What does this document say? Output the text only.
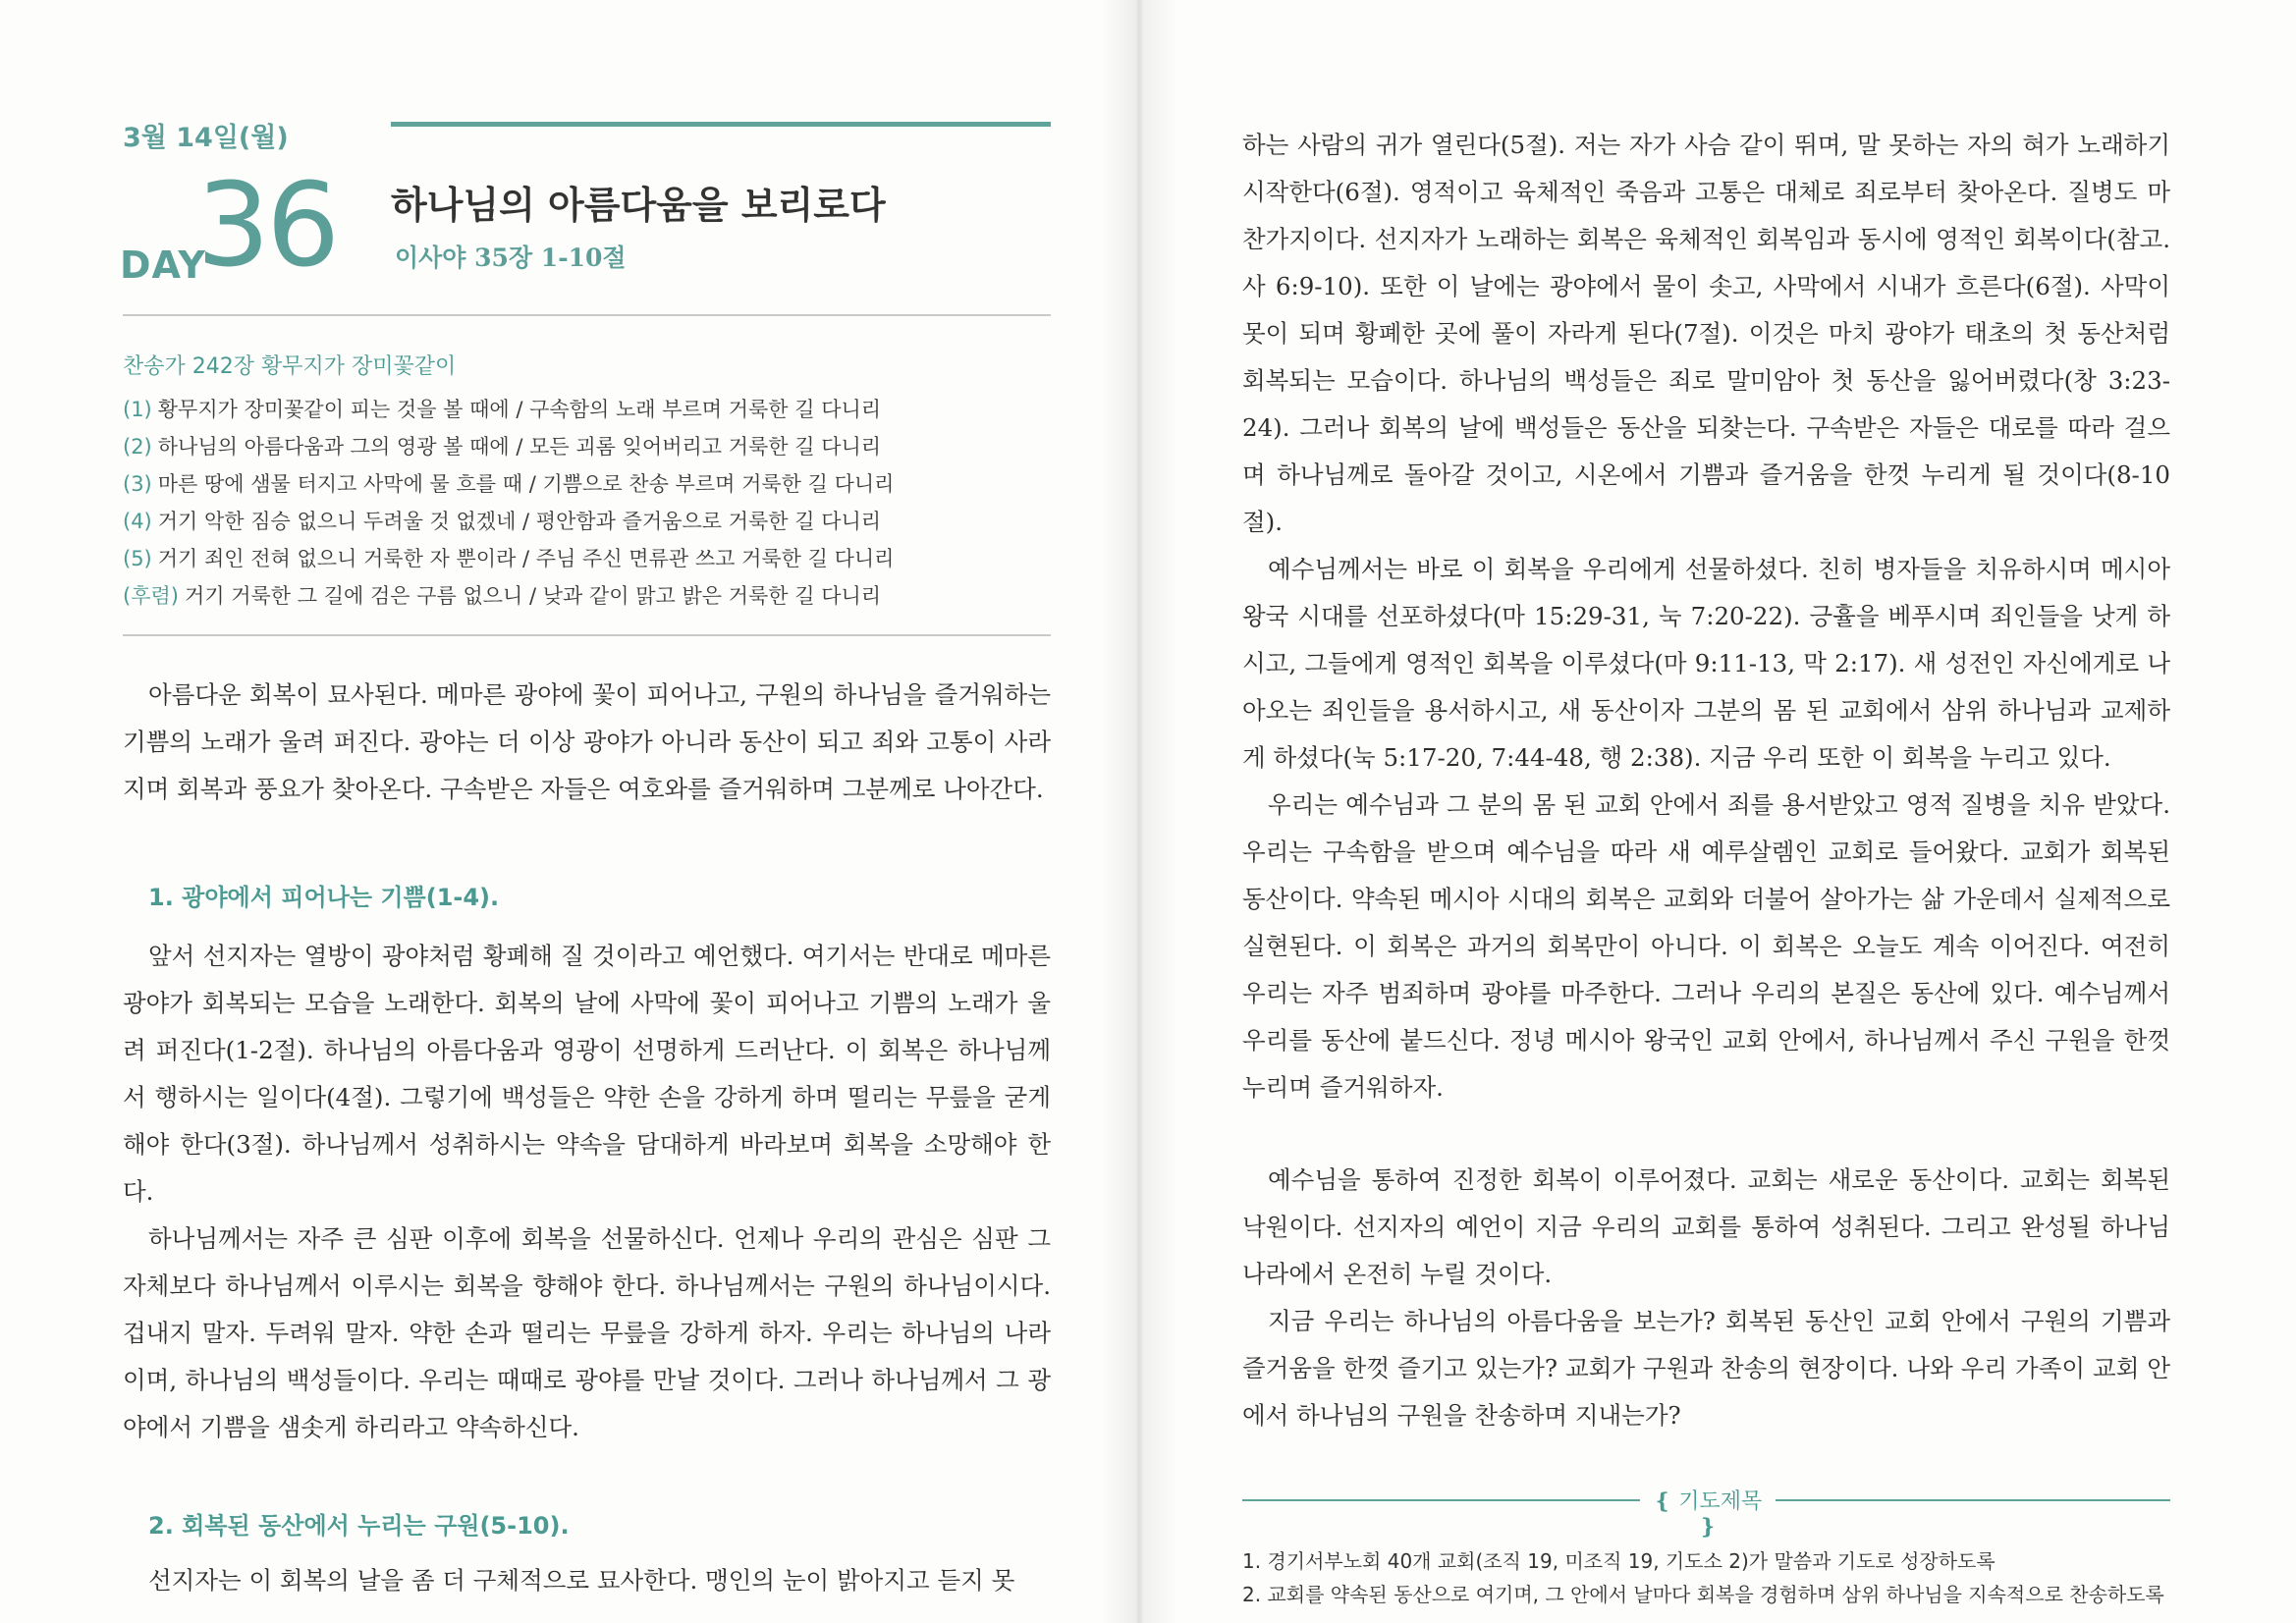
3월 14일(월)
DAY
36 하나님의 아름다움을 보리로다
이사야 35장 1-10절
찬송가 242장 황무지가 장미꽃같이
(1) 황무지가 장미꽃같이 피는 것을 볼 때에 / 구속함의 노래 부르며 거룩한 길 다니리
(2) 하나님의 아름다움과 그의 영광 볼 때에 / 모든 괴롬 잊어버리고 거룩한 길 다니리
(3) 마른 땅에 샘물 터지고 사막에 물 흐를 때 / 기쁨으로 찬송 부르며 거룩한 길 다니리
(4) 거기 악한 짐승 없으니 두려울 것 없겠네 / 평안함과 즐거움으로 거룩한 길 다니리
(5) 거기 죄인 전혀 없으니 거룩한 자 뿐이라 / 주님 주신 면류관 쓰고 거룩한 길 다니리
(후렴) 거기 거룩한 그 길에 검은 구름 없으니 / 낮과 같이 맑고 밝은 거룩한 길 다니리

아름다운 회복이 묘사된다. 메마른 광야에 꽃이 피어나고, 구원의 하나님을 즐거워하는 기쁨의 노래가 울려 퍼진다. 광야는 더 이상 광야가 아니라 동산이 되고 죄와 고통이 사라지며 회복과 풍요가 찾아온다. 구속받은 자들은 여호와를 즐거워하며 그분께로 나아간다.

1. 광야에서 피어나는 기쁨(1-4).

앞서 선지자는 열방이 광야처럼 황폐해 질 것이라고 예언했다. 여기서는 반대로 메마른 광야가 회복되는 모습을 노래한다. 회복의 날에 사막에 꽃이 피어나고 기쁨의 노래가 울려 퍼진다(1-2절). 하나님의 아름다움과 영광이 선명하게 드러난다. 이 회복은 하나님께서 행하시는 일이다(4절). 그렇기에 백성들은 약한 손을 강하게 하며 떨리는 무릎을 굳게 해야 한다(3절). 하나님께서 성취하시는 약속을 담대하게 바라보며 회복을 소망해야 한다.

하나님께서는 자주 큰 심판 이후에 회복을 선물하신다. 언제나 우리의 관심은 심판 그 자체보다 하나님께서 이루시는 회복을 향해야 한다. 하나님께서는 구원의 하나님이시다. 겁내지 말자. 두려워 말자. 약한 손과 떨리는 무릎을 강하게 하자. 우리는 하나님의 나라이며, 하나님의 백성들이다. 우리는 때때로 광야를 만날 것이다. 그러나 하나님께서 그 광야에서 기쁨을 샘솟게 하리라고 약속하신다.

2. 회복된 동산에서 누리는 구원(5-10).

선지자는 이 회복의 날을 좀 더 구체적으로 묘사한다. 맹인의 눈이 밝아지고 듣지 못

하는 사람의 귀가 열린다(5절). 저는 자가 사슴 같이 뛰며, 말 못하는 자의 혀가 노래하기 시작한다(6절). 영적이고 육체적인 죽음과 고통은 대체로 죄로부터 찾아온다. 질병도 마찬가지이다. 선지자가 노래하는 회복은 육체적인 회복임과 동시에 영적인 회복이다(참고. 사 6:9-10). 또한 이 날에는 광야에서 물이 솟고, 사막에서 시내가 흐른다(6절). 사막이 못이 되며 황폐한 곳에 풀이 자라게 된다(7절). 이것은 마치 광야가 태초의 첫 동산처럼 회복되는 모습이다. 하나님의 백성들은 죄로 말미암아 첫 동산을 잃어버렸다(창 3:23-24). 그러나 회복의 날에 백성들은 동산을 되찾는다. 구속받은 자들은 대로를 따라 걸으며 하나님께로 돌아갈 것이고, 시온에서 기쁨과 즐거움을 한껏 누리게 될 것이다(8-10절).

예수님께서는 바로 이 회복을 우리에게 선물하셨다. 친히 병자들을 치유하시며 메시아 왕국 시대를 선포하셨다(마 15:29-31, 눅 7:20-22). 긍휼을 베푸시며 죄인들을 낫게 하시고, 그들에게 영적인 회복을 이루셨다(마 9:11-13, 막 2:17). 새 성전인 자신에게로 나아오는 죄인들을 용서하시고, 새 동산이자 그분의 몸 된 교회에서 삼위 하나님과 교제하게 하셨다(눅 5:17-20, 7:44-48, 행 2:38). 지금 우리 또한 이 회복을 누리고 있다.

우리는 예수님과 그 분의 몸 된 교회 안에서 죄를 용서받았고 영적 질병을 치유 받았다. 우리는 구속함을 받으며 예수님을 따라 새 예루살렘인 교회로 들어왔다. 교회가 회복된 동산이다. 약속된 메시아 시대의 회복은 교회와 더불어 살아가는 삶 가운데서 실제적으로 실현된다. 이 회복은 과거의 회복만이 아니다. 이 회복은 오늘도 계속 이어진다. 여전히 우리는 자주 범죄하며 광야를 마주한다. 그러나 우리의 본질은 동산에 있다. 예수님께서 우리를 동산에 붙드신다. 정녕 메시아 왕국인 교회 안에서, 하나님께서 주신 구원을 한껏 누리며 즐거워하자.

예수님을 통하여 진정한 회복이 이루어졌다. 교회는 새로운 동산이다. 교회는 회복된 낙원이다. 선지자의 예언이 지금 우리의 교회를 통하여 성취된다. 그리고 완성될 하나님 나라에서 온전히 누릴 것이다.

지금 우리는 하나님의 아름다움을 보는가? 회복된 동산인 교회 안에서 구원의 기쁨과 즐거움을 한껏 즐기고 있는가? 교회가 구원과 찬송의 현장이다. 나와 우리 가족이 교회 안에서 하나님의 구원을 찬송하며 지내는가?

❴ 기도제목 ❵
1. 경기서부노회 40개 교회(조직 19, 미조직 19, 기도소 2)가 말씀과 기도로 성장하도록
2. 교회를 약속된 동산으로 여기며, 그 안에서 날마다 회복을 경험하며 삼위 하나님을 지속적으로 찬송하도록
